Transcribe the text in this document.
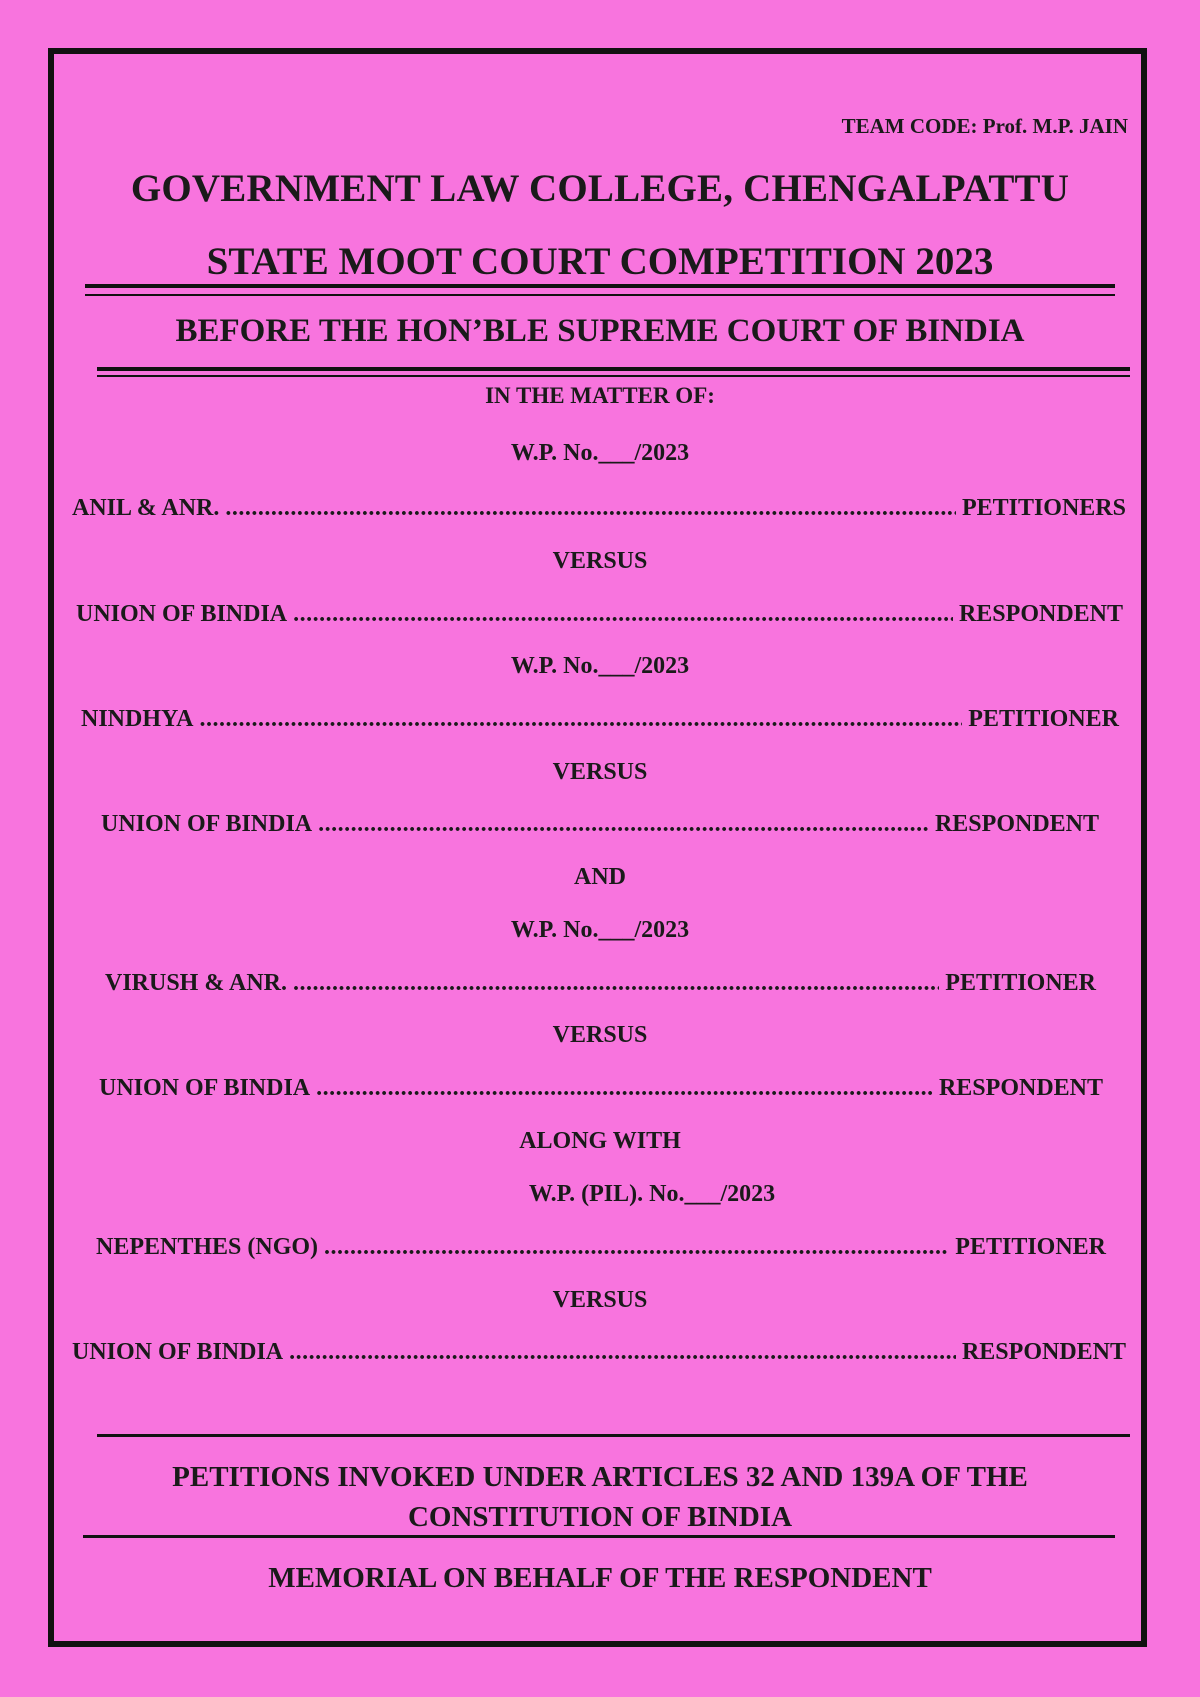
TEAM CODE: Prof. M.P. JAIN
GOVERNMENT LAW COLLEGE, CHENGALPATTU
STATE MOOT COURT COMPETITION 2023
BEFORE THE HON’BLE SUPREME COURT OF BINDIA
IN THE MATTER OF:
W.P. No.___/2023
ANIL & ANR. .....	PETITIONERS
VERSUS
UNION OF BINDIA .....	RESPONDENT
W.P. No.___/2023
NINDHYA .....	PETITIONER
VERSUS
UNION OF BINDIA .....	RESPONDENT
AND
W.P. No.___/2023
VIRUSH & ANR. .....	PETITIONER
VERSUS
UNION OF BINDIA .....	RESPONDENT
ALONG WITH
W.P. (PIL). No.___/2023
NEPENTHES (NGO) .....	PETITIONER
VERSUS
UNION OF BINDIA .....	RESPONDENT
PETITIONS INVOKED UNDER ARTICLES 32 AND 139A OF THE
CONSTITUTION OF BINDIA
MEMORIAL ON BEHALF OF THE RESPONDENT
